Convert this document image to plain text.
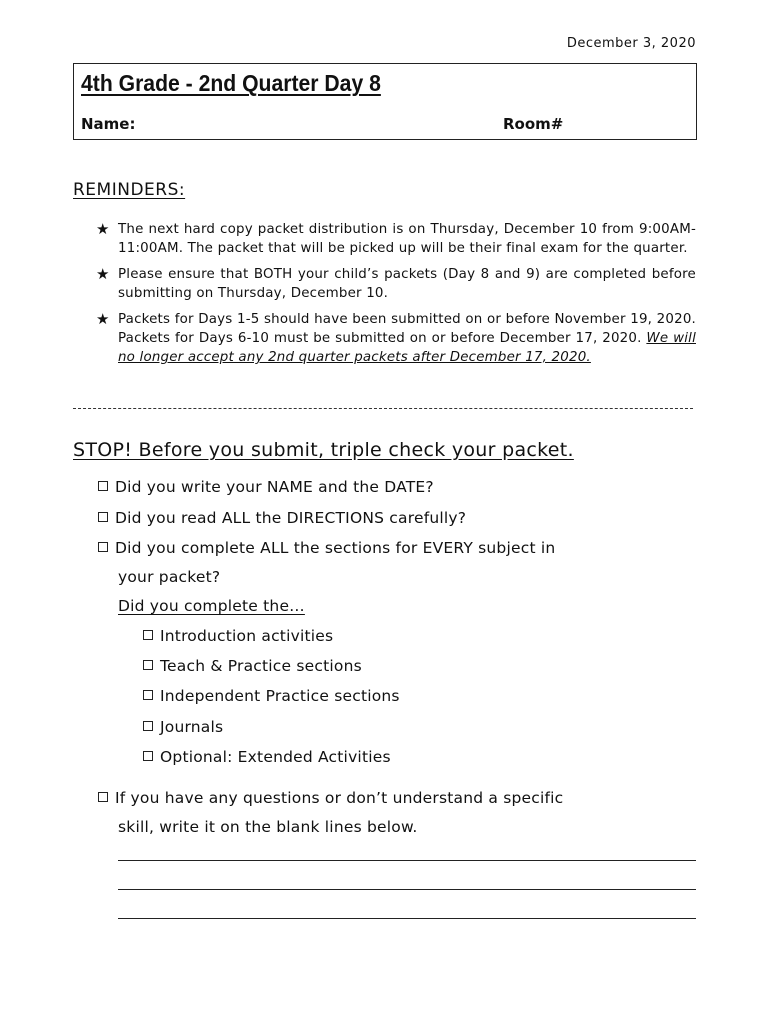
December 3, 2020
4th Grade - 2nd Quarter Day 8
Name:	Room#
REMINDERS:
★ The next hard copy packet distribution is on Thursday, December 10 from 9:00AM-11:00AM. The packet that will be picked up will be their final exam for the quarter.
★ Please ensure that BOTH your child’s packets (Day 8 and 9) are completed before submitting on Thursday, December 10.
★ Packets for Days 1-5 should have been submitted on or before November 19, 2020. Packets for Days 6-10 must be submitted on or before December 17, 2020. We will no longer accept any 2nd quarter packets after December 17, 2020.
STOP! Before you submit, triple check your packet.
Did you write your NAME and the DATE?
Did you read ALL the DIRECTIONS carefully?
Did you complete ALL the sections for EVERY subject in
your packet?
Did you complete the…
Introduction activities
Teach & Practice sections
Independent Practice sections
Journals
Optional: Extended Activities
If you have any questions or don’t understand a specific
skill, write it on the blank lines below.
